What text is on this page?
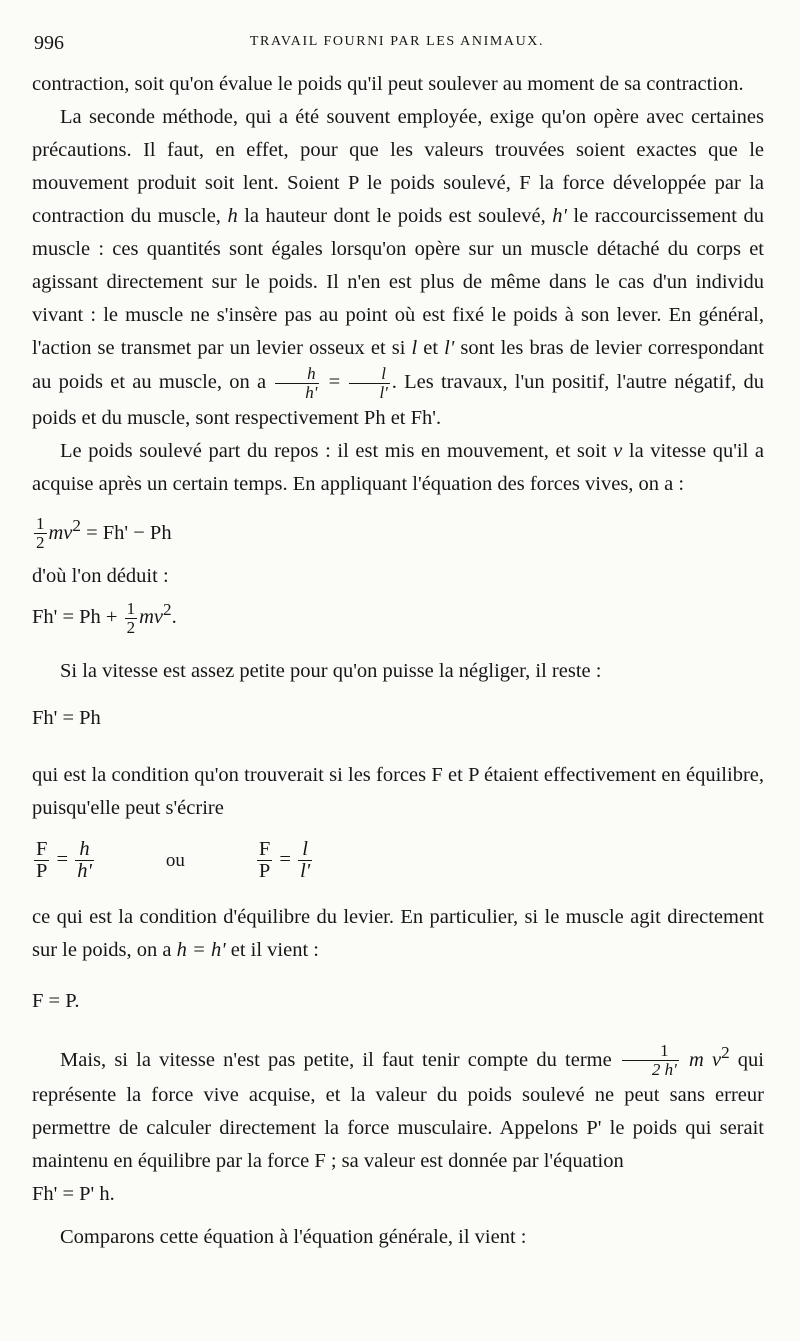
996	TRAVAIL FOURNI PAR LES ANIMAUX.

contraction, soit qu'on évalue le poids qu'il peut soulever au moment de sa contraction.

La seconde méthode, qui a été souvent employée, exige qu'on opère avec certaines précautions. Il faut, en effet, pour que les valeurs trouvées soient exactes que le mouvement produit soit lent. Soient P le poids soulevé, F la force développée par la contraction du muscle, h la hauteur dont le poids est soulevé, h' le raccourcissement du muscle : ces quantités sont égales lorsqu'on opère sur un muscle détaché du corps et agissant directement sur le poids. Il n'en est plus de même dans le cas d'un individu vivant : le muscle ne s'insère pas au point où est fixé le poids à son lever. En général, l'action se transmet par un levier osseux et si l et l' sont les bras de levier correspondant au poids et au muscle, on a $\frac{h}{h'} = \frac{l}{l'}$ . Les travaux, l'un positif, l'autre négatif, du poids et du muscle, sont respectivement Ph et Fh'.

Le poids soulevé part du repos : il est mis en mouvement, et soit v la vitesse qu'il a acquise après un certain temps. En appliquant l'équation des forces vives, on a :

$\frac{1}{2} mv^2 = Fh' - Ph$

d'où l'on déduit :

$Fh' = Ph + \frac{1}{2} mv^2$.

Si la vitesse est assez petite pour qu'on puisse la négliger, il reste :

Fh' = Ph

qui est la condition qu'on trouverait si les forces F et P étaient effectivement en équilibre, puisqu'elle peut s'écrire

$\frac{F}{P} = \frac{h}{h'}$	ou	$\frac{F}{P} = \frac{l}{l'}$

ce qui est la condition d'équilibre du levier. En particulier, si le muscle agit directement sur le poids, on a h = h' et il vient :

F = P.

Mais, si la vitesse n'est pas petite, il faut tenir compte du terme $\frac{1}{2 h'}$ m $v^2$ qui représente la force vive acquise, et la valeur du poids soulevé ne peut sans erreur permettre de calculer directement la force musculaire. Appelons P' le poids qui serait maintenu en équilibre par la force F ; sa valeur est donnée par l'équation

Fh' = P' h.

Comparons cette équation à l'équation générale, il vient :
